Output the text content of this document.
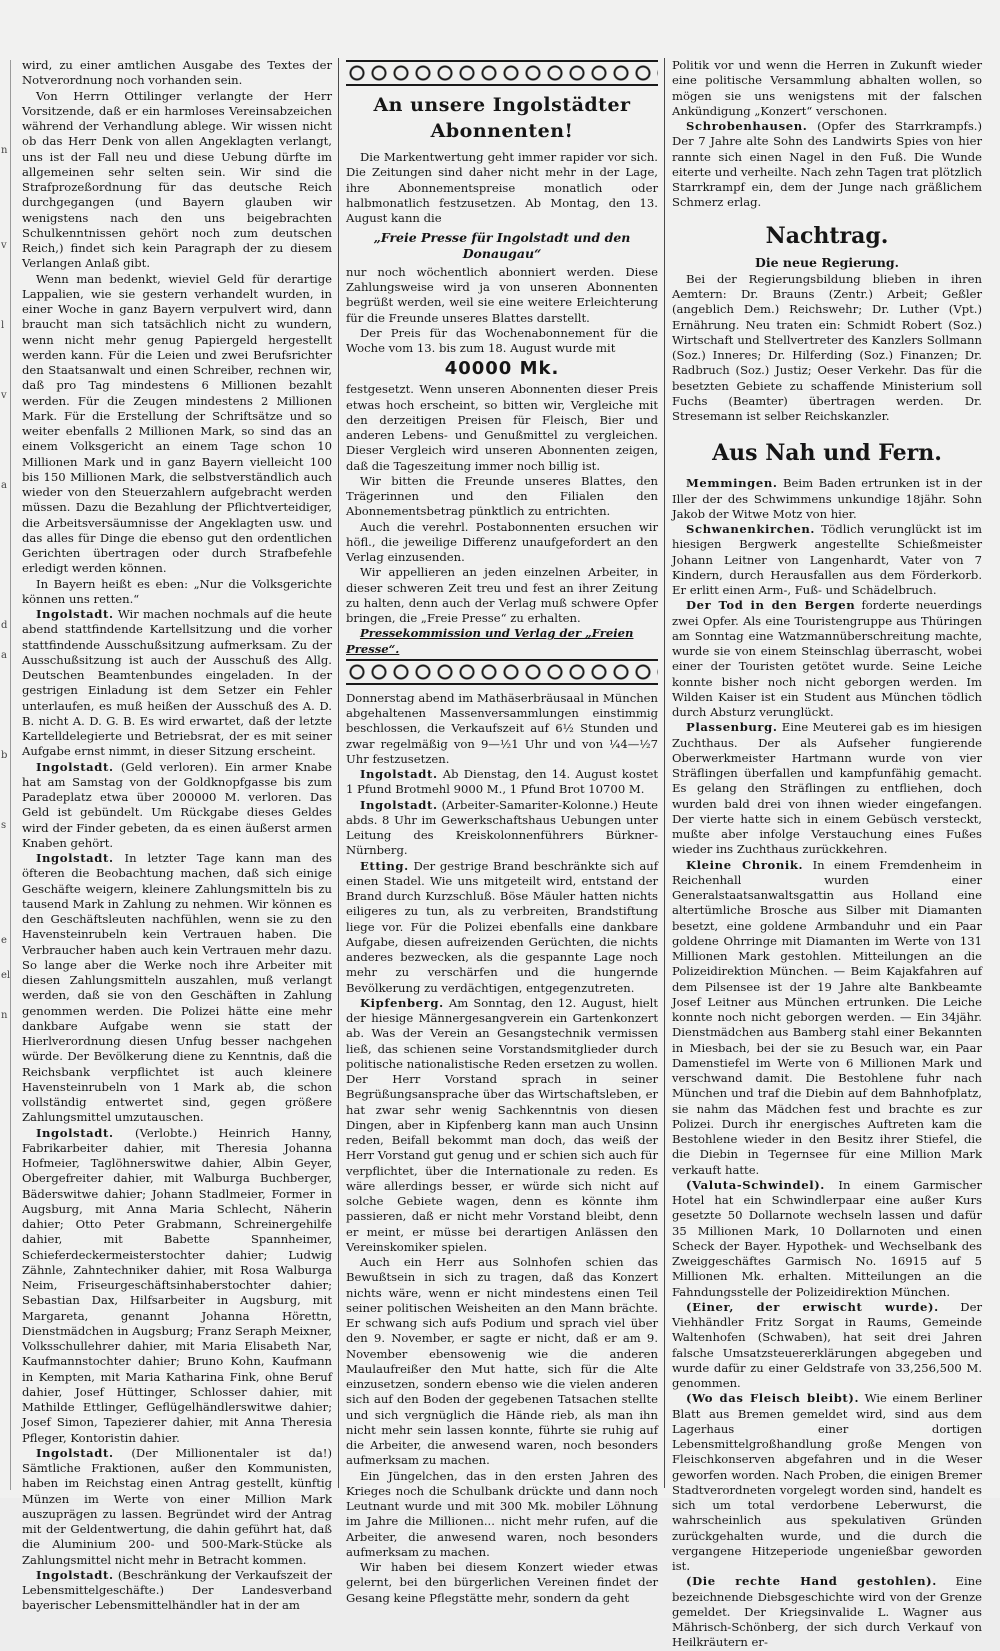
n
v
l
v
a
d
a
b
s
e
el
n

wird, zu einer amtlichen Ausgabe des Textes der Notverordnung noch vorhanden sein.

Von Herrn Ottilinger verlangte der Herr Vorsitzende, daß er ein harmloses Vereinsabzeichen während der Verhandlung ablege. Wir wissen nicht ob das Herr Denk von allen Angeklagten verlangt, uns ist der Fall neu und diese Uebung dürfte im allgemeinen sehr selten sein. Wir sind die Strafprozeßordnung für das deutsche Reich durchgegangen (und Bayern glauben wir wenigstens nach den uns beigebrachten Schulkenntnissen gehört noch zum deutschen Reich,) findet sich kein Paragraph der zu diesem Verlangen Anlaß gibt.

Wenn man bedenkt, wieviel Geld für derartige Lappalien, wie sie gestern verhandelt wurden, in einer Woche in ganz Bayern verpulvert wird, dann braucht man sich tatsächlich nicht zu wundern, wenn nicht mehr genug Papiergeld hergestellt werden kann. Für die Leien und zwei Berufsrichter den Staatsanwalt und einen Schreiber, rechnen wir, daß pro Tag mindestens 6 Millionen bezahlt werden. Für die Zeugen mindestens 2 Millionen Mark. Für die Erstellung der Schriftsätze und so weiter ebenfalls 2 Millionen Mark, so sind das an einem Volksgericht an einem Tage schon 10 Millionen Mark und in ganz Bayern vielleicht 100 bis 150 Millionen Mark, die selbstverständlich auch wieder von den Steuerzahlern aufgebracht werden müssen. Dazu die Bezahlung der Pflichtverteidiger, die Arbeitsversäumnisse der Angeklagten usw. und das alles für Dinge die ebenso gut den ordentlichen Gerichten übertragen oder durch Strafbefehle erledigt werden können.

In Bayern heißt es eben: „Nur die Volksgerichte können uns retten.“

Ingolstadt. Wir machen nochmals auf die heute abend stattfindende Kartellsitzung und die vorher stattfindende Ausschußsitzung aufmerksam. Zu der Ausschußsitzung ist auch der Ausschuß des Allg. Deutschen Beamtenbundes eingeladen. In der gestrigen Einladung ist dem Setzer ein Fehler unterlaufen, es muß heißen der Ausschuß des A. D. B. nicht A. D. G. B. Es wird erwartet, daß der letzte Kartelldelegierte und Betriebsrat, der es mit seiner Aufgabe ernst nimmt, in dieser Sitzung erscheint.

Ingolstadt. (Geld verloren). Ein armer Knabe hat am Samstag von der Goldknopfgasse bis zum Paradeplatz etwa über 200000 M. verloren. Das Geld ist gebündelt. Um Rückgabe dieses Geldes wird der Finder gebeten, da es einen äußerst armen Knaben gehört.

Ingolstadt. In letzter Tage kann man des öfteren die Beobachtung machen, daß sich einige Geschäfte weigern, kleinere Zahlungsmitteln bis zu tausend Mark in Zahlung zu nehmen. Wir können es den Geschäftsleuten nachfühlen, wenn sie zu den Havensteinrubeln kein Vertrauen haben. Die Verbraucher haben auch kein Vertrauen mehr dazu. So lange aber die Werke noch ihre Arbeiter mit diesen Zahlungsmitteln auszahlen, muß verlangt werden, daß sie von den Geschäften in Zahlung genommen werden. Die Polizei hätte eine mehr dankbare Aufgabe wenn sie statt der Hierlverordnung diesen Unfug besser nachgehen würde. Der Bevölkerung diene zu Kenntnis, daß die Reichsbank verpflichtet ist auch kleinere Havensteinrubeln von 1 Mark ab, die schon vollständig entwertet sind, gegen größere Zahlungsmittel umzutauschen.

Ingolstadt. (Verlobte.) Heinrich Hanny, Fabrikarbeiter dahier, mit Theresia Johanna Hofmeier, Taglöhnerswitwe dahier, Albin Geyer, Obergefreiter dahier, mit Walburga Buchberger, Bäderswitwe dahier; Johann Stadlmeier, Former in Augsburg, mit Anna Maria Schlecht, Näherin dahier; Otto Peter Grabmann, Schreinergehilfe dahier, mit Babette Spannheimer, Schieferdeckermeisterstochter dahier; Ludwig Zähnle, Zahntechniker dahier, mit Rosa Walburga Neim, Friseurgeschäftsinhaberstochter dahier; Sebastian Dax, Hilfsarbeiter in Augsburg, mit Margareta, genannt Johanna Hörettn, Dienstmädchen in Augsburg; Franz Seraph Meixner, Volksschullehrer dahier, mit Maria Elisabeth Nar, Kaufmannstochter dahier; Bruno Kohn, Kaufmann in Kempten, mit Maria Katharina Fink, ohne Beruf dahier, Josef Hüttinger, Schlosser dahier, mit Mathilde Ettlinger, Geflügelhändlerswitwe dahier; Josef Simon, Tapezierer dahier, mit Anna Theresia Pfleger, Kontoristin dahier.

Ingolstadt. (Der Millionentaler ist da!) Sämtliche Fraktionen, außer den Kommunisten, haben im Reichstag einen Antrag gestellt, künftig Münzen im Werte von einer Million Mark auszuprägen zu lassen. Begründet wird der Antrag mit der Geldentwertung, die dahin geführt hat, daß die Aluminium 200- und 500-Mark-Stücke als Zahlungsmittel nicht mehr in Betracht kommen.

Ingolstadt. (Beschränkung der Verkaufszeit der Lebensmittelgeschäfte.) Der Landesverband bayerischer Lebensmittelhändler hat in der am

An unsere Ingolstädter Abonnenten!

Die Markentwertung geht immer rapider vor sich. Die Zeitungen sind daher nicht mehr in der Lage, ihre Abonnementspreise monatlich oder halbmonatlich festzusetzen. Ab Montag, den 13. August kann die

„Freie Presse für Ingolstadt und den Donaugau“

nur noch wöchentlich abonniert werden. Diese Zahlungsweise wird ja von unseren Abonnenten begrüßt werden, weil sie eine weitere Erleichterung für die Freunde unseres Blattes darstellt.

Der Preis für das Wochenabonnement für die Woche vom 13. bis zum 18. August wurde mit

40000 Mk.

festgesetzt. Wenn unseren Abonnenten dieser Preis etwas hoch erscheint, so bitten wir, Vergleiche mit den derzeitigen Preisen für Fleisch, Bier und anderen Lebens- und Genußmittel zu vergleichen. Dieser Vergleich wird unseren Abonnenten zeigen, daß die Tageszeitung immer noch billig ist.

Wir bitten die Freunde unseres Blattes, den Trägerinnen und den Filialen den Abonnementsbetrag pünktlich zu entrichten.

Auch die verehrl. Postabonnenten ersuchen wir höfl., die jeweilige Differenz unaufgefordert an den Verlag einzusenden.

Wir appellieren an jeden einzelnen Arbeiter, in dieser schweren Zeit treu und fest an ihrer Zeitung zu halten, denn auch der Verlag muß schwere Opfer bringen, die „Freie Presse“ zu erhalten.

Pressekommission und Verlag der „Freien Presse“.

Donnerstag abend im Mathäserbräusaal in München abgehaltenen Massenversammlungen einstimmig beschlossen, die Verkaufszeit auf 6½ Stunden und zwar regelmäßig von 9—½1 Uhr und von ¼4—½7 Uhr festzusetzen.

Ingolstadt. Ab Dienstag, den 14. August kostet 1 Pfund Brotmehl 9000 M., 1 Pfund Brot 10700 M.

Ingolstadt. (Arbeiter-Samariter-Kolonne.) Heute abds. 8 Uhr im Gewerkschaftshaus Uebungen unter Leitung des Kreiskolonnenführers Bürkner-Nürnberg.

Etting. Der gestrige Brand beschränkte sich auf einen Stadel. Wie uns mitgeteilt wird, entstand der Brand durch Kurzschluß. Böse Mäuler hatten nichts eiligeres zu tun, als zu verbreiten, Brandstiftung liege vor. Für die Polizei ebenfalls eine dankbare Aufgabe, diesen aufreizenden Gerüchten, die nichts anderes bezwecken, als die gespannte Lage noch mehr zu verschärfen und die hungernde Bevölkerung zu verdächtigen, entgegenzutreten.

Kipfenberg. Am Sonntag, den 12. August, hielt der hiesige Männergesangverein ein Gartenkonzert ab. Was der Verein an Gesangstechnik vermissen ließ, das schienen seine Vorstandsmitglieder durch politische nationalistische Reden ersetzen zu wollen. Der Herr Vorstand sprach in seiner Begrüßungsansprache über das Wirtschaftsleben, er hat zwar sehr wenig Sachkenntnis von diesen Dingen, aber in Kipfenberg kann man auch Unsinn reden, Beifall bekommt man doch, das weiß der Herr Vorstand gut genug und er schien sich auch für verpflichtet, über die Internationale zu reden. Es wäre allerdings besser, er würde sich nicht auf solche Gebiete wagen, denn es könnte ihm passieren, daß er nicht mehr Vorstand bleibt, denn er meint, er müsse bei derartigen Anlässen den Vereinskomiker spielen.

Auch ein Herr aus Solnhofen schien das Bewußtsein in sich zu tragen, daß das Konzert nichts wäre, wenn er nicht mindestens einen Teil seiner politischen Weisheiten an den Mann brächte. Er schwang sich aufs Podium und sprach viel über den 9. November, er sagte er nicht, daß er am 9. November ebensowenig wie die anderen Maulaufreißer den Mut hatte, sich für die Alte einzusetzen, sondern ebenso wie die vielen anderen sich auf den Boden der gegebenen Tatsachen stellte und sich vergnüglich die Hände rieb, als man ihn nicht mehr sein lassen konnte, führte sie ruhig auf die Arbeiter, die anwesend waren, noch besonders aufmerksam zu machen.

Ein Jüngelchen, das in den ersten Jahren des Krieges noch die Schulbank drückte und dann noch Leutnant wurde und mit 300 Mk. mobiler Löhnung im Jahre die Millionen... nicht mehr rufen, auf die Arbeiter, die anwesend waren, noch besonders aufmerksam zu machen.

Wir haben bei diesem Konzert wieder etwas gelernt, bei den bürgerlichen Vereinen findet der Gesang keine Pflegstätte mehr, sondern da geht

Politik vor und wenn die Herren in Zukunft wieder eine politische Versammlung abhalten wollen, so mögen sie uns wenigstens mit der falschen Ankündigung „Konzert“ verschonen.

Schrobenhausen. (Opfer des Starrkrampfs.) Der 7 Jahre alte Sohn des Landwirts Spies von hier rannte sich einen Nagel in den Fuß. Die Wunde eiterte und verheilte. Nach zehn Tagen trat plötzlich Starrkrampf ein, dem der Junge nach gräßlichem Schmerz erlag.

Nachtrag.
Die neue Regierung.

Bei der Regierungsbildung blieben in ihren Aemtern: Dr. Brauns (Zentr.) Arbeit; Geßler (angeblich Dem.) Reichswehr; Dr. Luther (Vpt.) Ernährung. Neu traten ein: Schmidt Robert (Soz.) Wirtschaft und Stellvertreter des Kanzlers Sollmann (Soz.) Inneres; Dr. Hilferding (Soz.) Finanzen; Dr. Radbruch (Soz.) Justiz; Oeser Verkehr. Das für die besetzten Gebiete zu schaffende Ministerium soll Fuchs (Beamter) übertragen werden. Dr. Stresemann ist selber Reichskanzler.

Aus Nah und Fern.

Memmingen. Beim Baden ertrunken ist in der Iller der des Schwimmens unkundige 18jähr. Sohn Jakob der Witwe Motz von hier.

Schwanenkirchen. Tödlich verunglückt ist im hiesigen Bergwerk angestellte Schießmeister Johann Leitner von Langenhardt, Vater von 7 Kindern, durch Herausfallen aus dem Förderkorb. Er erlitt einen Arm-, Fuß- und Schädelbruch.

Der Tod in den Bergen forderte neuerdings zwei Opfer. Als eine Touristengruppe aus Thüringen am Sonntag eine Watzmannüberschreitung machte, wurde sie von einem Steinschlag überrascht, wobei einer der Touristen getötet wurde. Seine Leiche konnte bisher noch nicht geborgen werden. Im Wilden Kaiser ist ein Student aus München tödlich durch Absturz verunglückt.

Plassenburg. Eine Meuterei gab es im hiesigen Zuchthaus. Der als Aufseher fungierende Oberwerkmeister Hartmann wurde von vier Sträflingen überfallen und kampfunfähig gemacht. Es gelang den Sträflingen zu entfliehen, doch wurden bald drei von ihnen wieder eingefangen. Der vierte hatte sich in einem Gebüsch versteckt, mußte aber infolge Verstauchung eines Fußes wieder ins Zuchthaus zurückkehren.

Kleine Chronik. In einem Fremdenheim in Reichenhall wurden einer Generalstaatsanwaltsgattin aus Holland eine altertümliche Brosche aus Silber mit Diamanten besetzt, eine goldene Armbanduhr und ein Paar goldene Ohrringe mit Diamanten im Werte von 131 Millionen Mark gestohlen. Mitteilungen an die Polizeidirektion München. — Beim Kajakfahren auf dem Pilsensee ist der 19 Jahre alte Bankbeamte Josef Leitner aus München ertrunken. Die Leiche konnte noch nicht geborgen werden. — Ein 34jähr. Dienstmädchen aus Bamberg stahl einer Bekannten in Miesbach, bei der sie zu Besuch war, ein Paar Damenstiefel im Werte von 6 Millionen Mark und verschwand damit. Die Bestohlene fuhr nach München und traf die Diebin auf dem Bahnhofplatz, sie nahm das Mädchen fest und brachte es zur Polizei. Durch ihr energisches Auftreten kam die Bestohlene wieder in den Besitz ihrer Stiefel, die die Diebin in Tegernsee für eine Million Mark verkauft hatte.

(Valuta-Schwindel). In einem Garmischer Hotel hat ein Schwindlerpaar eine außer Kurs gesetzte 50 Dollarnote wechseln lassen und dafür 35 Millionen Mark, 10 Dollarnoten und einen Scheck der Bayer. Hypothek- und Wechselbank des Zweiggeschäftes Garmisch No. 16915 auf 5 Millionen Mk. erhalten. Mitteilungen an die Fahndungsstelle der Polizeidirektion München.

(Einer, der erwischt wurde). Der Viehhändler Fritz Sorgat in Raums, Gemeinde Waltenhofen (Schwaben), hat seit drei Jahren falsche Umsatzsteuererklärungen abgegeben und wurde dafür zu einer Geldstrafe von 33,256,500 M. genommen.

(Wo das Fleisch bleibt). Wie einem Berliner Blatt aus Bremen gemeldet wird, sind aus dem Lagerhaus einer dortigen Lebensmittelgroßhandlung große Mengen von Fleischkonserven abgefahren und in die Weser geworfen worden. Nach Proben, die einigen Bremer Stadtverordneten vorgelegt worden sind, handelt es sich um total verdorbene Leberwurst, die wahrscheinlich aus spekulativen Gründen zurückgehalten wurde, und die durch die vergangene Hitzeperiode ungenießbar geworden ist.

(Die rechte Hand gestohlen). Eine bezeichnende Diebsgeschichte wird von der Grenze gemeldet. Der Kriegsinvalide L. Wagner aus Mährisch-Schönberg, der sich durch Verkauf von Heilkräutern er-
